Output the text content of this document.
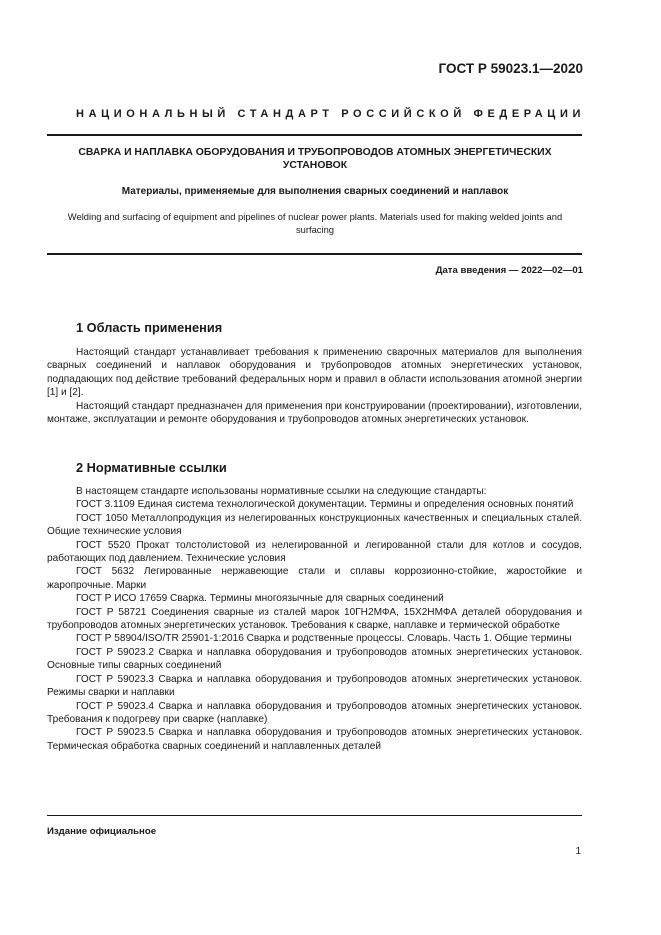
ГОСТ Р 59023.1—2020
НАЦИОНАЛЬНЫЙ СТАНДАРТ РОССИЙСКОЙ ФЕДЕРАЦИИ
СВАРКА И НАПЛАВКА ОБОРУДОВАНИЯ И ТРУБОПРОВОДОВ АТОМНЫХ ЭНЕРГЕТИЧЕСКИХ УСТАНОВОК
Материалы, применяемые для выполнения сварных соединений и наплавок
Welding and surfacing of equipment and pipelines of nuclear power plants. Materials used for making welded joints and surfacing
Дата введения — 2022—02—01
1 Область применения

Настоящий стандарт устанавливает требования к применению сварочных материалов для выполнения сварных соединений и наплавок оборудования и трубопроводов атомных энергетических установок, подпадающих под действие требований федеральных норм и правил в области использования атомной энергии [1] и [2].

Настоящий стандарт предназначен для применения при конструировании (проектировании), изготовлении, монтаже, эксплуатации и ремонте оборудования и трубопроводов атомных энергетических установок.

2 Нормативные ссылки

В настоящем стандарте использованы нормативные ссылки на следующие стандарты:

ГОСТ 3.1109 Единая система технологической документации. Термины и определения основных понятий

ГОСТ 1050 Металлопродукция из нелегированных конструкционных качественных и специальных сталей. Общие технические условия

ГОСТ 5520 Прокат толстолистовой из нелегированной и легированной стали для котлов и сосудов, работающих под давлением. Технические условия

ГОСТ 5632 Легированные нержавеющие стали и сплавы коррозионно-стойкие, жаростойкие и жаропрочные. Марки

ГОСТ Р ИСО 17659 Сварка. Термины многоязычные для сварных соединений

ГОСТ Р 58721 Соединения сварные из сталей марок 10ГН2МФА, 15Х2НМФА деталей оборудования и трубопроводов атомных энергетических установок. Требования к сварке, наплавке и термической обработке

ГОСТ Р 58904/ISO/TR 25901-1:2016 Сварка и родственные процессы. Словарь. Часть 1. Общие термины

ГОСТ Р 59023.2 Сварка и наплавка оборудования и трубопроводов атомных энергетических установок. Основные типы сварных соединений

ГОСТ Р 59023.3 Сварка и наплавка оборудования и трубопроводов атомных энергетических установок. Режимы сварки и наплавки

ГОСТ Р 59023.4 Сварка и наплавка оборудования и трубопроводов атомных энергетических установок. Требования к подогреву при сварке (наплавке)

ГОСТ Р 59023.5 Сварка и наплавка оборудования и трубопроводов атомных энергетических установок. Термическая обработка сварных соединений и наплавленных деталей

Издание официальное
1
